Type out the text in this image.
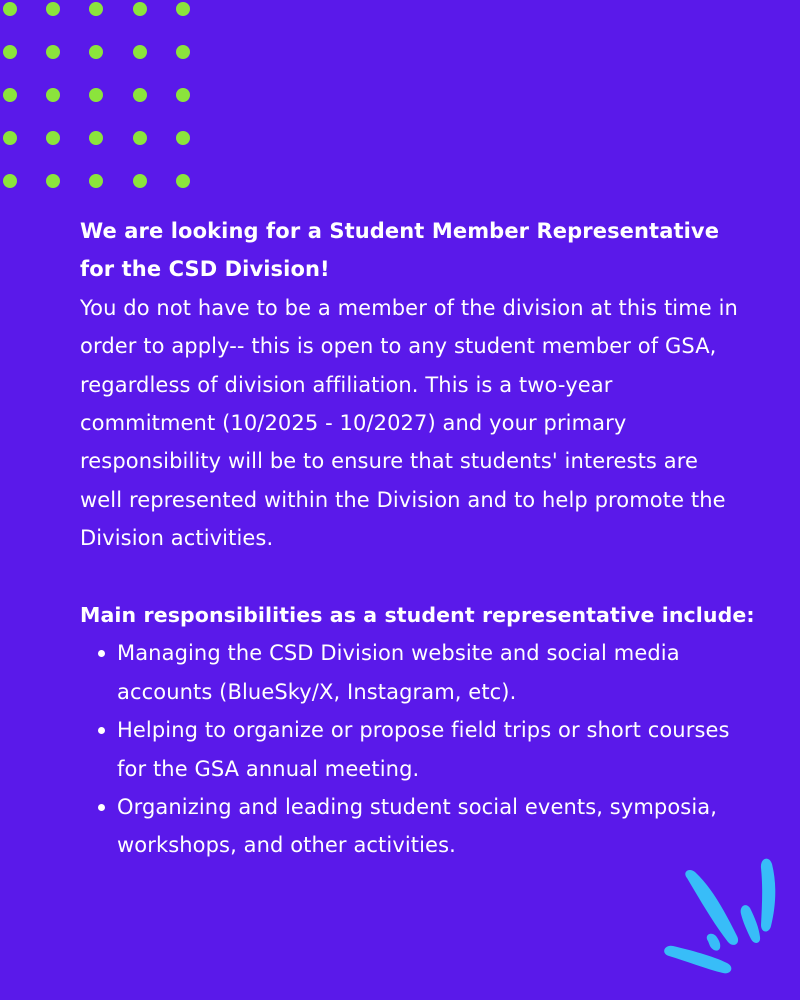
We are looking for a Student Member Representative for the CSD Division!

You do not have to be a member of the division at this time in order to apply-- this is open to any student member of GSA, regardless of division affiliation. This is a two-year commitment (10/2025 - 10/2027) and your primary responsibility will be to ensure that students' interests are well represented within the Division and to help promote the Division activities.

Main responsibilities as a student representative include:

Managing the CSD Division website and social media accounts (BlueSky/X, Instagram, etc).
Helping to organize or propose field trips or short courses for the GSA annual meeting.
Organizing and leading student social events, symposia, workshops, and other activities.
